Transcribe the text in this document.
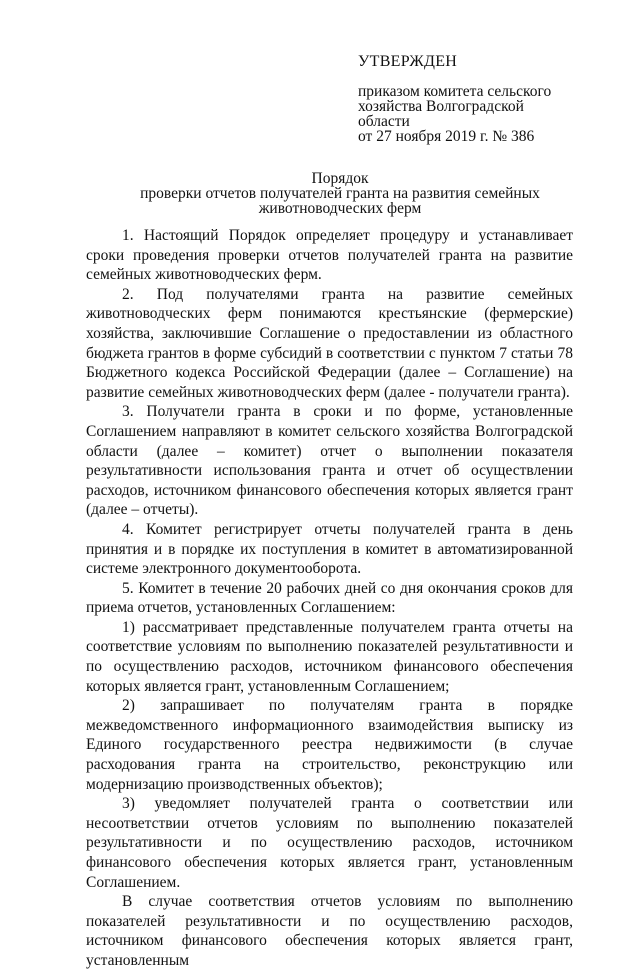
УТВЕРЖДЕН
приказом комитета сельского
хозяйства Волгоградской
области
от 27 ноября 2019 г. № 386
Порядок
проверки отчетов получателей гранта на развития семейных
животноводческих ферм

1. Настоящий Порядок определяет процедуру и устанавливает сроки проведения проверки отчетов получателей гранта на развитие семейных животноводческих ферм.

2. Под получателями гранта на развитие семейных животноводческих ферм понимаются крестьянские (фермерские) хозяйства, заключившие Соглашение о предоставлении из областного бюджета грантов в форме субсидий в соответствии с пунктом 7 статьи 78 Бюджетного кодекса Российской Федерации (далее – Соглашение) на развитие семейных животноводческих ферм (далее - получатели гранта).

3. Получатели гранта в сроки и по форме, установленные Соглашением направляют в комитет сельского хозяйства Волгоградской области (далее – комитет) отчет о выполнении показателя результативности использования гранта и отчет об осуществлении расходов, источником финансового обеспечения которых является грант (далее – отчеты).

4. Комитет регистрирует отчеты получателей гранта в день принятия и в порядке их поступления в комитет в автоматизированной системе электронного документооборота.

5. Комитет в течение 20 рабочих дней со дня окончания сроков для приема отчетов, установленных Соглашением:

1) рассматривает представленные получателем гранта отчеты на соответствие условиям по выполнению показателей результативности и по осуществлению расходов, источником финансового обеспечения которых является грант, установленным Соглашением;

2) запрашивает по получателям гранта в порядке межведомственного информационного взаимодействия выписку из Единого государственного реестра недвижимости (в случае расходования гранта на строительство, реконструкцию или модернизацию производственных объектов);

3) уведомляет получателей гранта о соответствии или несоответствии отчетов условиям по выполнению показателей результативности и по осуществлению расходов, источником финансового обеспечения которых является грант, установленным Соглашением.

В случае соответствия отчетов условиям по выполнению показателей результативности и по осуществлению расходов, источником финансового обеспечения которых является грант, установленным
